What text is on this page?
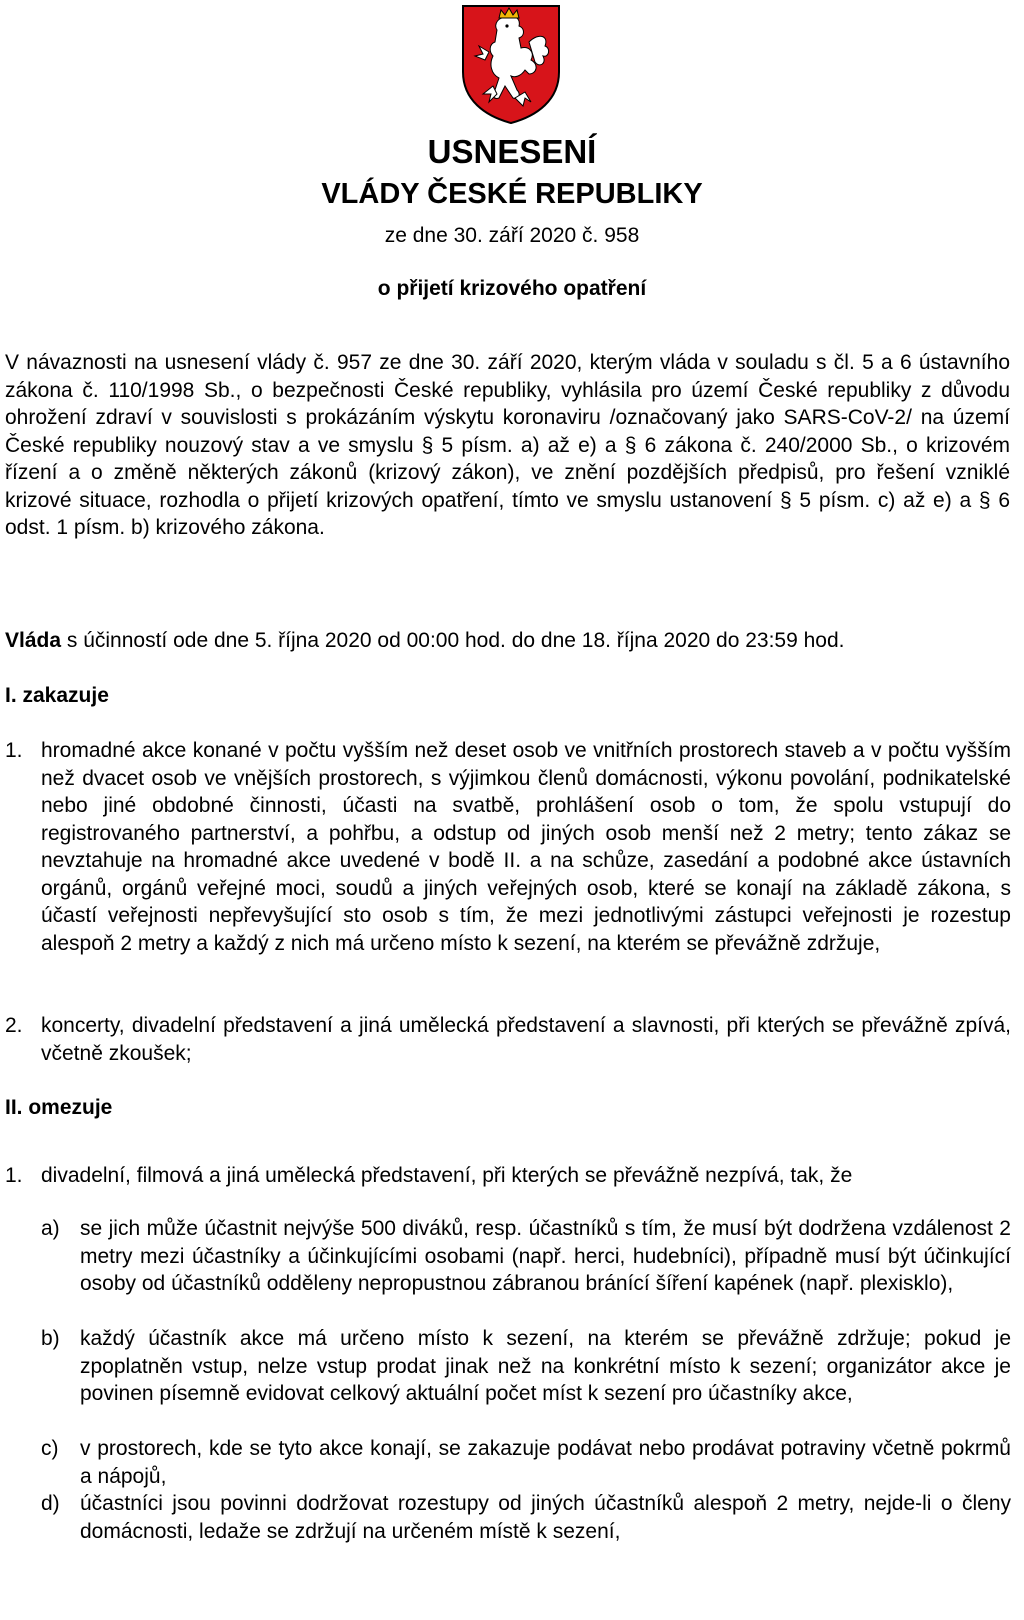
USNESENÍ
VLÁDY ČESKÉ REPUBLIKY
ze dne 30. září 2020 č. 958
o přijetí krizového opatření
V návaznosti na usnesení vlády č. 957 ze dne 30. září 2020, kterým vláda v souladu s čl. 5 a 6 ústavního zákona č. 110/1998 Sb., o bezpečnosti České republiky, vyhlásila pro území České republiky z důvodu ohrožení zdraví v souvislosti s prokázáním výskytu koronaviru /označovaný jako SARS-CoV-2/ na území České republiky nouzový stav a ve smyslu § 5 písm. a) až e) a § 6 zákona č. 240/2000 Sb., o krizovém řízení a o změně některých zákonů (krizový zákon), ve znění pozdějších předpisů, pro řešení vzniklé krizové situace, rozhodla o přijetí krizových opatření, tímto ve smyslu ustanovení § 5 písm. c) až e) a § 6 odst. 1 písm. b) krizového zákona.
Vláda s účinností ode dne 5. října 2020 od 00:00 hod. do dne 18. října 2020 do 23:59 hod.
I. zakazuje
1. hromadné akce konané v počtu vyšším než deset osob ve vnitřních prostorech staveb a v počtu vyšším než dvacet osob ve vnějších prostorech, s výjimkou členů domácnosti, výkonu povolání, podnikatelské nebo jiné obdobné činnosti, účasti na svatbě, prohlášení osob o tom, že spolu vstupují do registrovaného partnerství, a pohřbu, a odstup od jiných osob menší než 2 metry; tento zákaz se nevztahuje na hromadné akce uvedené v bodě II. a na schůze, zasedání a podobné akce ústavních orgánů, orgánů veřejné moci, soudů a jiných veřejných osob, které se konají na základě zákona, s účastí veřejnosti nepřevyšující sto osob s tím, že mezi jednotlivými zástupci veřejnosti je rozestup alespoň 2 metry a každý z nich má určeno místo k sezení, na kterém se převážně zdržuje,
2. koncerty, divadelní představení a jiná umělecká představení a slavnosti, při kterých se převážně zpívá, včetně zkoušek;
II. omezuje
1. divadelní, filmová a jiná umělecká představení, při kterých se převážně nezpívá, tak, že
a) se jich může účastnit nejvýše 500 diváků, resp. účastníků s tím, že musí být dodržena vzdálenost 2 metry mezi účastníky a účinkujícími osobami (např. herci, hudebníci), případně musí být účinkující osoby od účastníků odděleny nepropustnou zábranou bránící šíření kapének (např. plexisklo),
b) každý účastník akce má určeno místo k sezení, na kterém se převážně zdržuje; pokud je zpoplatněn vstup, nelze vstup prodat jinak než na konkrétní místo k sezení; organizátor akce je povinen písemně evidovat celkový aktuální počet míst k sezení pro účastníky akce,
c) v prostorech, kde se tyto akce konají, se zakazuje podávat nebo prodávat potraviny včetně pokrmů a nápojů,
d) účastníci jsou povinni dodržovat rozestupy od jiných účastníků alespoň 2 metry, nejde-li o členy domácnosti, ledaže se zdržují na určeném místě k sezení,
